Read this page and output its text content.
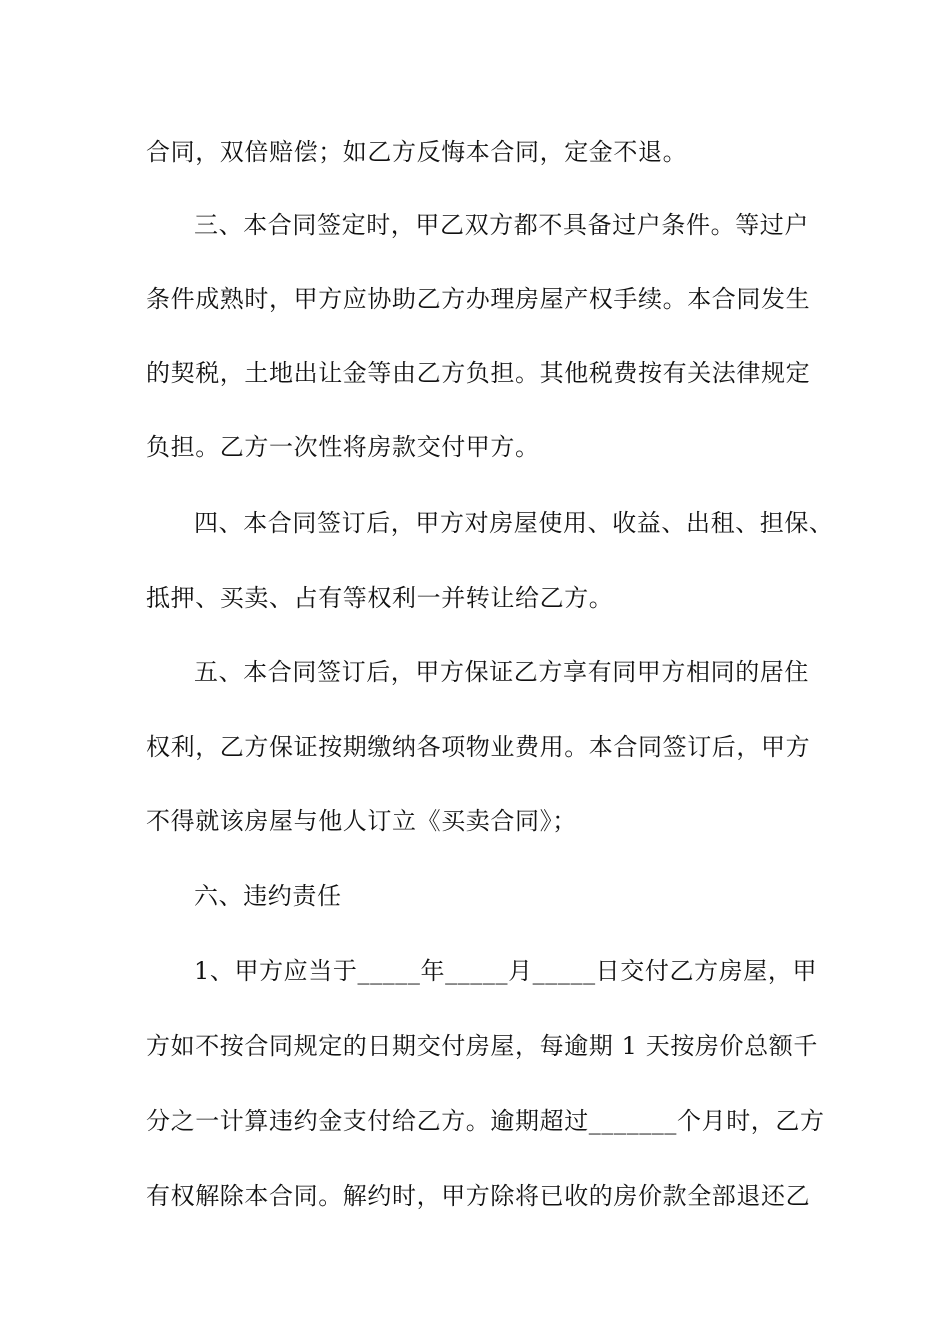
合同，双倍赔偿；如乙方反悔本合同，定金不退。
三、本合同签定时，甲乙双方都不具备过户条件。等过户
条件成熟时，甲方应协助乙方办理房屋产权手续。本合同发生
的契税，土地出让金等由乙方负担。其他税费按有关法律规定
负担。乙方一次性将房款交付甲方。
四、本合同签订后，甲方对房屋使用、收益、出租、担保、
抵押、买卖、占有等权利一并转让给乙方。
五、本合同签订后，甲方保证乙方享有同甲方相同的居住
权利，乙方保证按期缴纳各项物业费用。本合同签订后，甲方
不得就该房屋与他人订立《买卖合同》；
六、违约责任
1、甲方应当于_____年_____月_____日交付乙方房屋，甲
方如不按合同规定的日期交付房屋，每逾期 1 天按房价总额千
分之一计算违约金支付给乙方。逾期超过_______个月时，乙方
有权解除本合同。解约时，甲方除将已收的房价款全部退还乙
